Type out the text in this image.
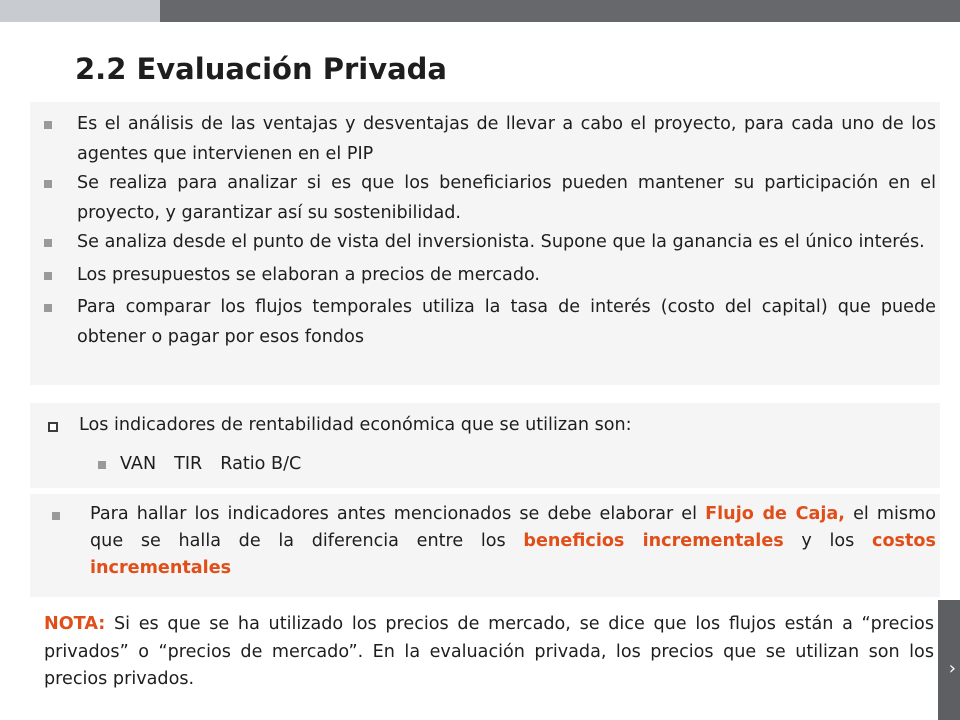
›
2.2 Evaluación Privada
Es el análisis de las ventajas y desventajas de llevar a cabo el proyecto, para cada uno de los agentes que intervienen en el PIP
Se realiza para analizar si es que los beneficiarios pueden mantener su participación en el proyecto, y garantizar así su sostenibilidad.
Se analiza desde el punto de vista del inversionista. Supone que la ganancia es el único interés.
Los presupuestos se elaboran a precios de mercado.
Para comparar los flujos temporales utiliza la tasa de interés (costo del capital) que puede obtener o pagar por esos fondos
Los indicadores de rentabilidad económica que se utilizan son:
VAN TIR Ratio B/C
Para hallar los indicadores antes mencionados se debe elaborar el Flujo de Caja, el mismo que se halla de la diferencia entre los beneficios incrementales y los costos incrementales
NOTA: Si es que se ha utilizado los precios de mercado, se dice que los flujos están a “precios privados” o “precios de mercado”. En la evaluación privada, los precios que se utilizan son los precios privados.
